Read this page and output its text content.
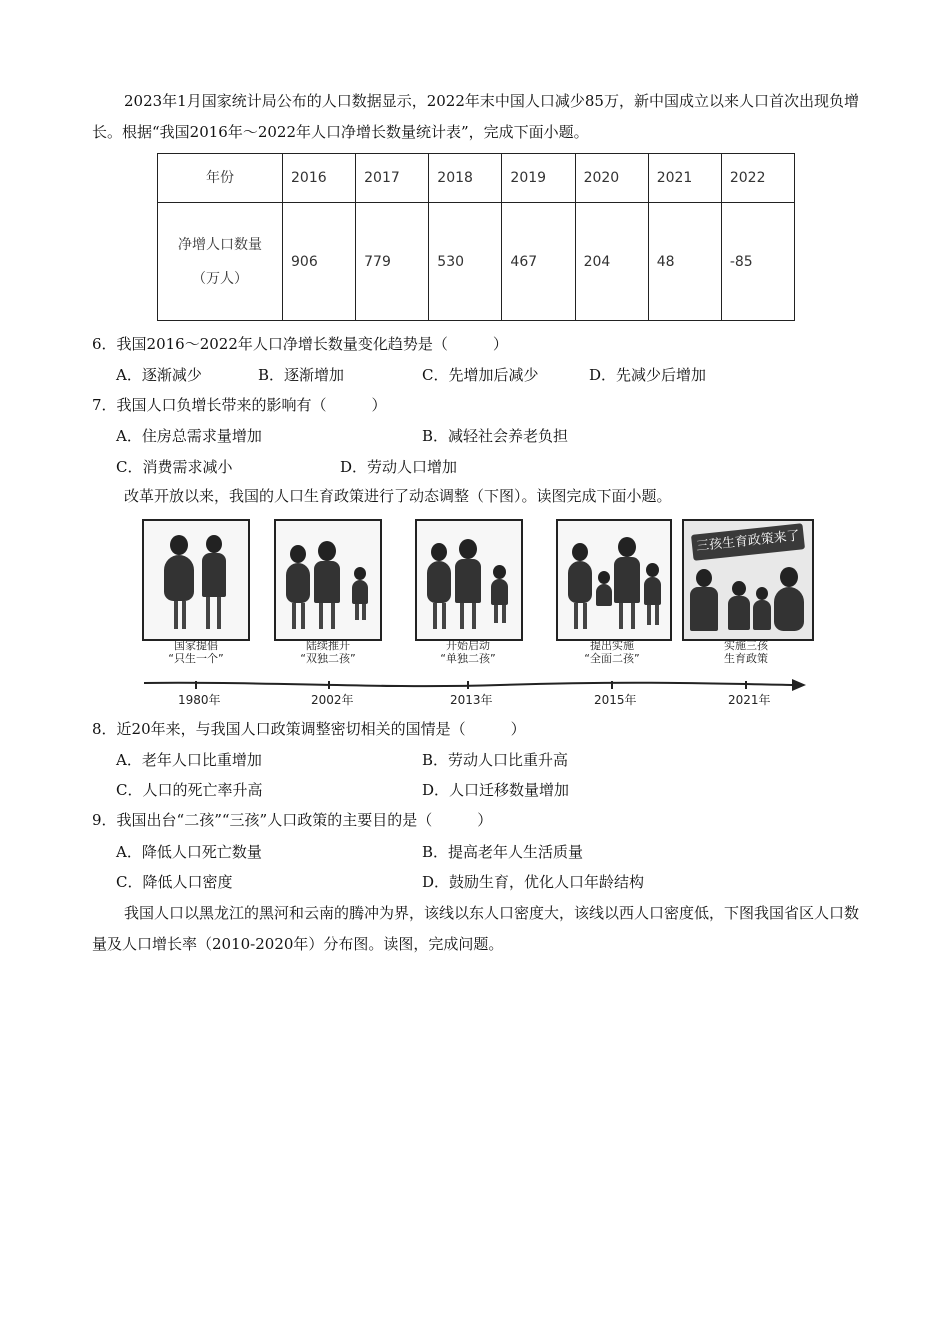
2023年1月国家统计局公布的人口数据显示，2022年末中国人口减少85万，新中国成立以来人口首次出现负增长。根据“我国2016年～2022年人口净增长数量统计表”，完成下面小题。

年份	2016	2017	2018	2019	2020	2021	2022

净增人口数量
（万人）	906	779	530	467	204	48	-85
6．我国2016～2022年人口净增长数量变化趋势是（　　　）
A．逐渐减少	B．逐渐增加	C．先增加后减少	D．先减少后增加
7．我国人口负增长带来的影响有（　　　）
A．住房总需求量增加	B．减轻社会养老负担
C．消费需求减小	D．劳动人口增加
改革开放以来，我国的人口生育政策进行了动态调整（下图）。读图完成下面小题。
三孩生育政策来了
国家提倡
“只生一个”
陆续推开
“双独二孩”
开始启动
“单独二孩”
提出实施
“全面二孩”
实施三孩
生育政策
1980年	2002年	2013年	2015年	2021年
8．近20年来，与我国人口政策调整密切相关的国情是（　　　）
A．老年人口比重增加	B．劳动人口比重升高
C．人口的死亡率升高	D．人口迁移数量增加
9．我国出台“二孩”“三孩”人口政策的主要目的是（　　　）
A．降低人口死亡数量	B．提高老年人生活质量
C．降低人口密度	D．鼓励生育，优化人口年龄结构

我国人口以黑龙江的黑河和云南的腾冲为界，该线以东人口密度大，该线以西人口密度低，下图我国省区人口数量及人口增长率（2010-2020年）分布图。读图，完成问题。
